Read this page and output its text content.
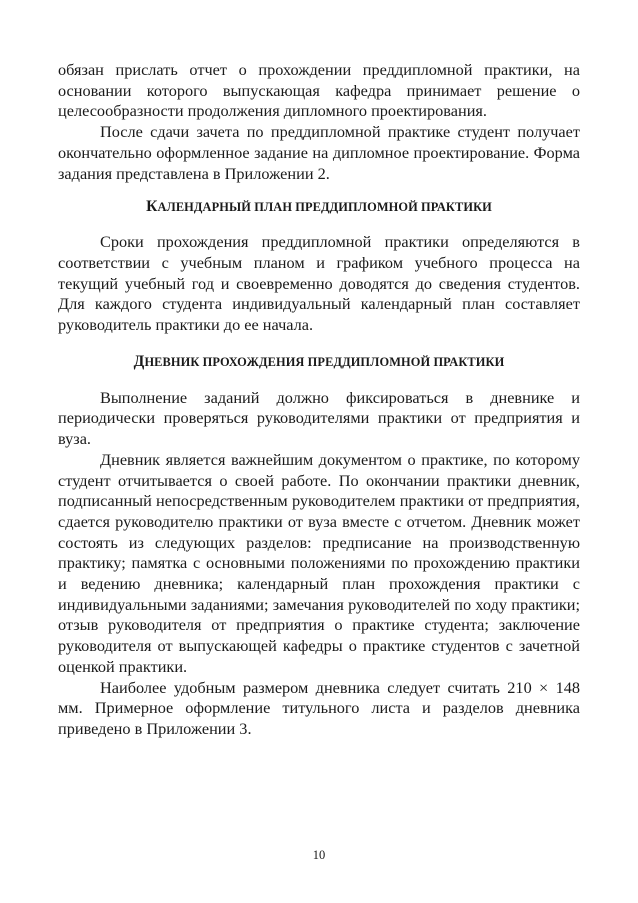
обязан прислать отчет о прохождении преддипломной практики, на основании которого выпускающая кафедра принимает решение о целесообразности продолжения дипломного проектирования.

После сдачи зачета по преддипломной практике студент получает окончательно оформленное задание на дипломное проектирование. Форма задания представлена в Приложении 2.

КАЛЕНДАРНЫЙ ПЛАН ПРЕДДИПЛОМНОЙ ПРАКТИКИ

Сроки прохождения преддипломной практики определяются в соответствии с учебным планом и графиком учебного процесса на текущий учебный год и своевременно доводятся до сведения студентов. Для каждого студента индивидуальный календарный план составляет руководитель практики до ее начала.

ДНЕВНИК ПРОХОЖДЕНИЯ ПРЕДДИПЛОМНОЙ ПРАКТИКИ

Выполнение заданий должно фиксироваться в дневнике и периодически проверяться руководителями практики от предприятия и вуза.

Дневник является важнейшим документом о практике, по которому студент отчитывается о своей работе. По окончании практики дневник, подписанный непосредственным руководителем практики от предприятия, сдается руководителю практики от вуза вместе с отчетом. Дневник может состоять из следующих разделов: предписание на производственную практику; памятка с основными положениями по прохождению практики и ведению дневника; календарный план прохождения практики с индивидуальными заданиями; замечания руководителей по ходу практики; отзыв руководителя от предприятия о практике студента; заключение руководителя от выпускающей кафедры о практике студентов с зачетной оценкой практики.

Наиболее удобным размером дневника следует считать 210 × 148 мм. Примерное оформление титульного листа и разделов дневника приведено в Приложении 3.

10
